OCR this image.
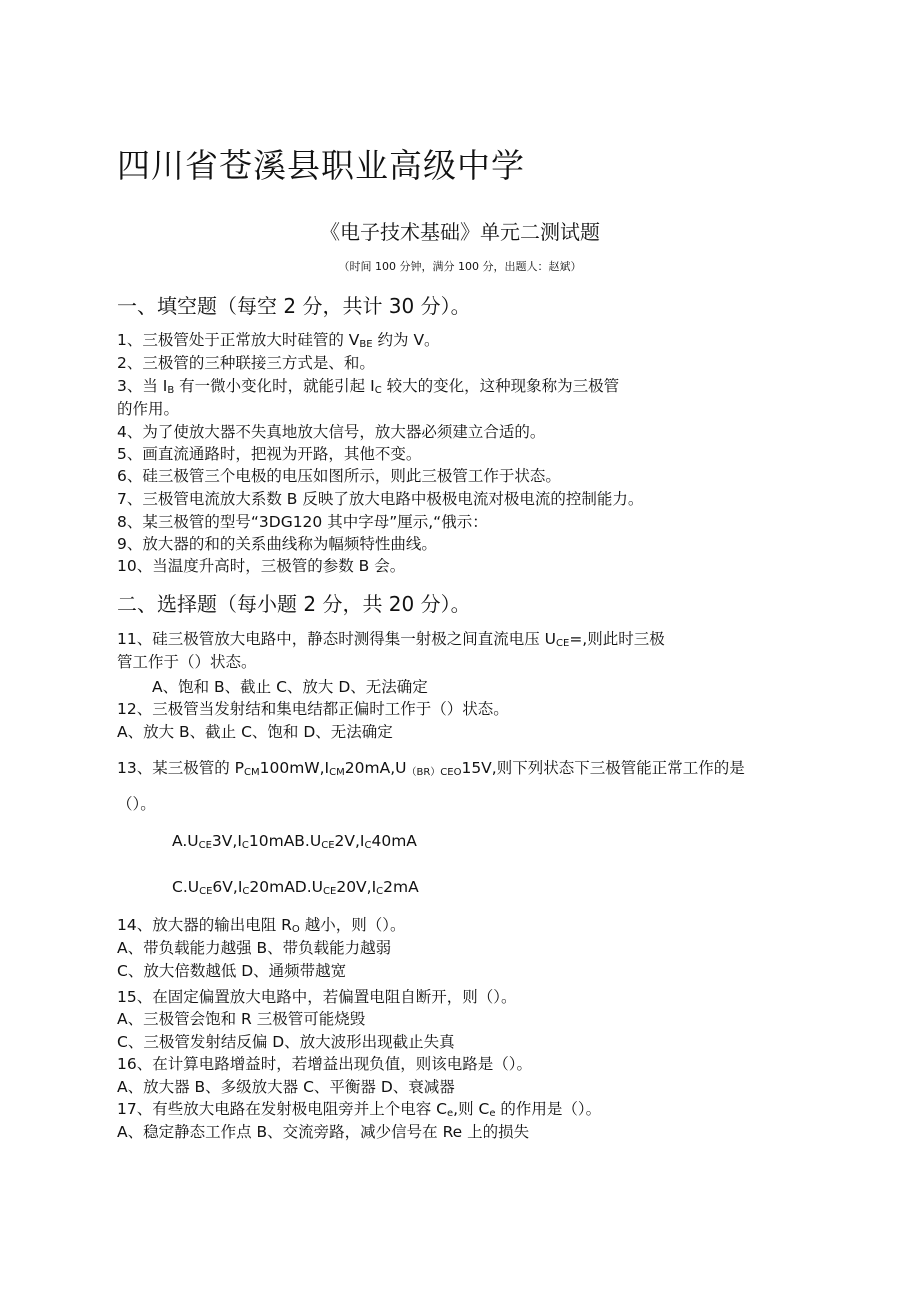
四川省苍溪县职业高级中学
《电子技术基础》单元二测试题
（时间 100 分钟，满分 100 分，出题人：赵斌）
一、填空题（每空 2 分，共计 30 分）。
1、三极管处于正常放大时硅管的 $V_{BE}$ 约为 V。
2、三极管的三种联接三方式是、和。
3、当 $I_B$ 有一微小变化时，就能引起 $I_C$ 较大的变化，这种现象称为三极管
的作用。
4、为了使放大器不失真地放大信号，放大器必须建立合适的。
5、画直流通路时，把视为开路，其他不变。
6、硅三极管三个电极的电压如图所示，则此三极管工作于状态。
7、三极管电流放大系数 B 反映了放大电路中极极电流对极电流的控制能力。
8、某三极管的型号“3DG120 其中字母”厘示,“俄示：
9、放大器的和的关系曲线称为幅频特性曲线。
10、当温度升高时，三极管的参数 B 会。
二、选择题（每小题 2 分，共 20 分）。
11、硅三极管放大电路中，静态时测得集一射极之间直流电压 $U_{CE}=$,则此时三极
管工作于（）状态。
A、饱和 B、截止 C、放大 D、无法确定
12、三极管当发射结和集电结都正偏时工作于（）状态。
A、放大 B、截止 C、饱和 D、无法确定
13、某三极管的 $P_{CM}100mW,I_{CM}20mA,U_{(BR)CEO}15V$,则下列状态下三极管能正常工作的是
（）。
$A.U_{CE}3V,I_C10mAB.U_{CE}2V,I_C40mA$
$C.U_{CE}6V,I_C20mAD.U_{CE}20V,I_C2mA$
14、放大器的输出电阻 $R_O$ 越小，则（）。
A、带负载能力越强 B、带负载能力越弱
C、放大倍数越低 D、通频带越宽
15、在固定偏置放大电路中，若偏置电阻自断开，则（）。
A、三极管会饱和 R 三极管可能烧毁
C、三极管发射结反偏 D、放大波形出现截止失真
16、在计算电路增益时，若增益出现负值，则该电路是（）。
A、放大器 B、多级放大器 C、平衡器 D、衰减器
17、有些放大电路在发射极电阻旁并上个电容 $C_e$,则 $C_e$ 的作用是（）。
A、稳定静态工作点 B、交流旁路，减少信号在 Re 上的损失
